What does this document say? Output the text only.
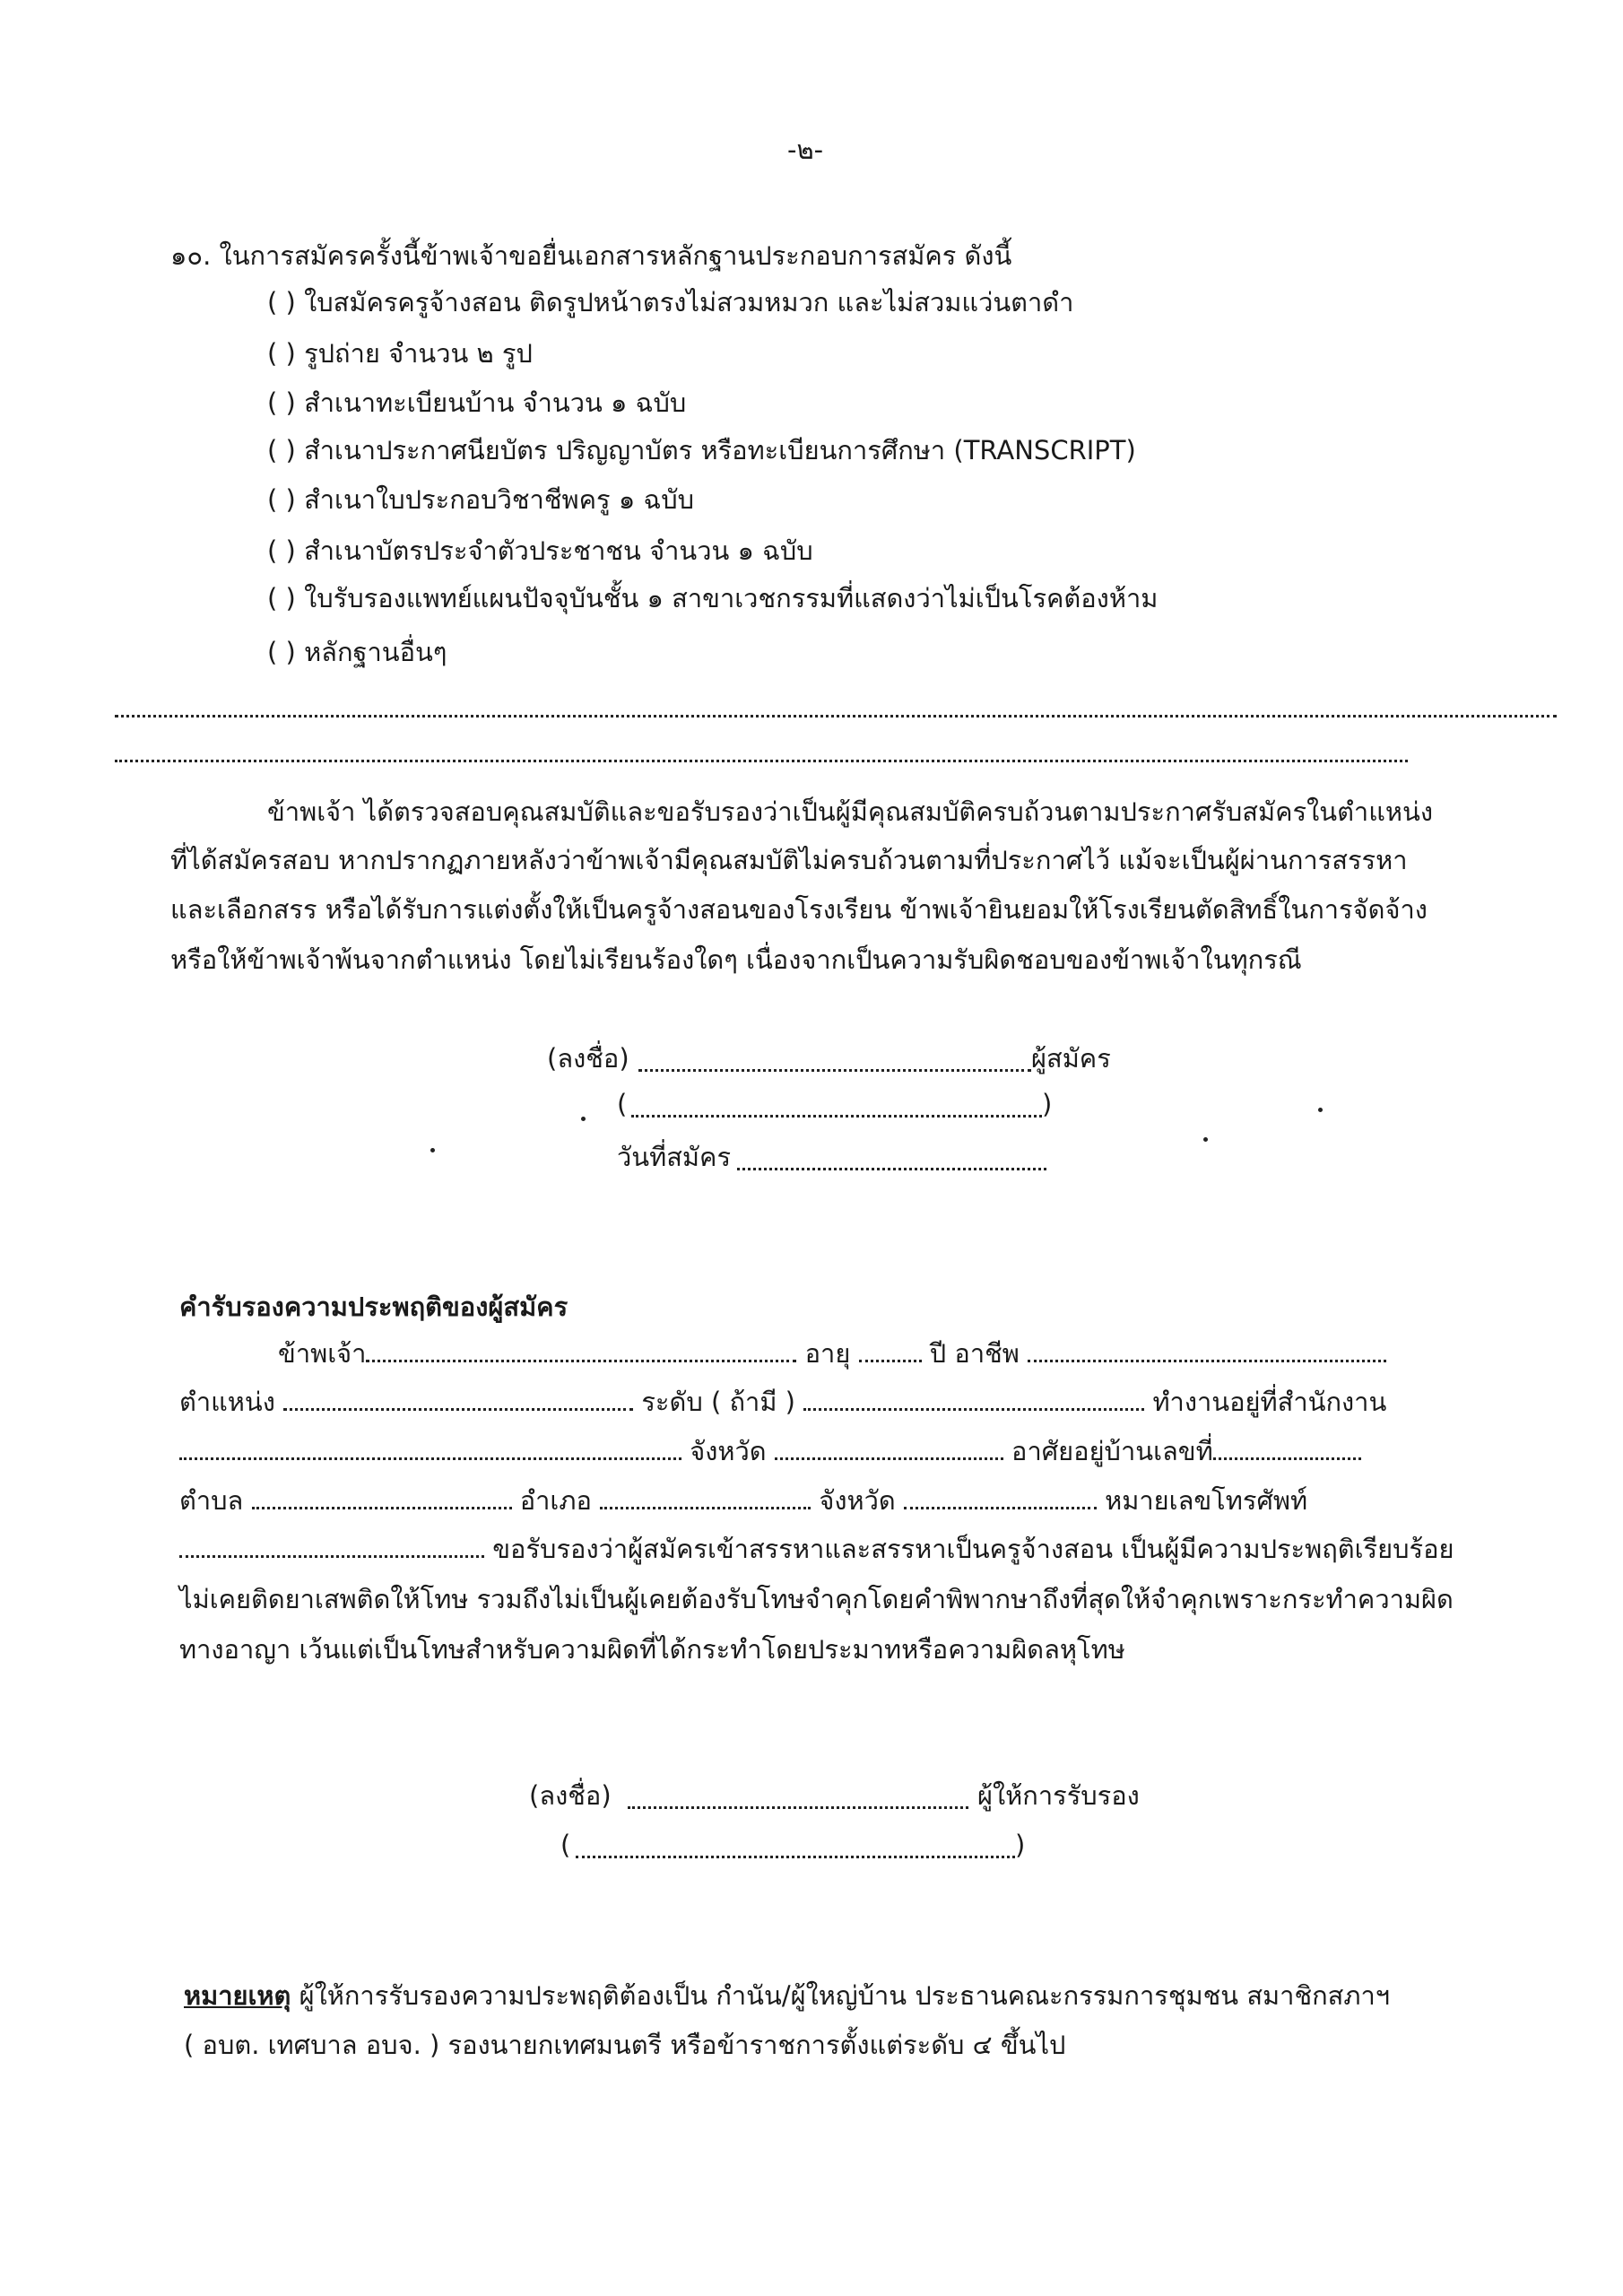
-๒-
๑๐. ในการสมัครครั้งนี้ข้าพเจ้าขอยื่นเอกสารหลักฐานประกอบการสมัคร ดังนี้
( ) ใบสมัครครูจ้างสอน ติดรูปหน้าตรงไม่สวมหมวก และไม่สวมแว่นตาดำ
( ) รูปถ่าย จำนวน ๒ รูป
( ) สำเนาทะเบียนบ้าน จำนวน ๑ ฉบับ
( ) สำเนาประกาศนียบัตร ปริญญาบัตร หรือทะเบียนการศึกษา (TRANSCRIPT)
( ) สำเนาใบประกอบวิชาชีพครู ๑ ฉบับ
( ) สำเนาบัตรประจำตัวประชาชน จำนวน ๑ ฉบับ
( ) ใบรับรองแพทย์แผนปัจจุบันชั้น ๑ สาขาเวชกรรมที่แสดงว่าไม่เป็นโรคต้องห้าม
( ) หลักฐานอื่นๆ
ข้าพเจ้า ได้ตรวจสอบคุณสมบัติและขอรับรองว่าเป็นผู้มีคุณสมบัติครบถ้วนตามประกาศรับสมัครในตำแหน่ง
ที่ได้สมัครสอบ หากปรากฏภายหลังว่าข้าพเจ้ามีคุณสมบัติไม่ครบถ้วนตามที่ประกาศไว้ แม้จะเป็นผู้ผ่านการสรรหา
และเลือกสรร หรือได้รับการแต่งตั้งให้เป็นครูจ้างสอนของโรงเรียน ข้าพเจ้ายินยอมให้โรงเรียนตัดสิทธิ์ในการจัดจ้าง
หรือให้ข้าพเจ้าพ้นจากตำแหน่ง โดยไม่เรียนร้องใดๆ เนื่องจากเป็นความรับผิดชอบของข้าพเจ้าในทุกรณี
(ลงชื่อ)	ผู้สมัคร
(	)
วันที่สมัคร
คำรับรองความประพฤติของผู้สมัคร
ข้าพเจ้า	อายุ	ปี อาชีพ
ตำแหน่ง	ระดับ ( ถ้ามี )	ทำงานอยู่ที่สำนักงาน
จังหวัด	อาศัยอยู่บ้านเลขที่
ตำบล	อำเภอ	จังหวัด	หมายเลขโทรศัพท์
ขอรับรองว่าผู้สมัครเข้าสรรหาและสรรหาเป็นครูจ้างสอน เป็นผู้มีความประพฤติเรียบร้อย
ไม่เคยติดยาเสพติดให้โทษ รวมถึงไม่เป็นผู้เคยต้องรับโทษจำคุกโดยคำพิพากษาถึงที่สุดให้จำคุกเพราะกระทำความผิด
ทางอาญา เว้นแต่เป็นโทษสำหรับความผิดที่ได้กระทำโดยประมาทหรือความผิดลหุโทษ
(ลงชื่อ)	ผู้ให้การรับรอง
(	)
หมายเหตุ ผู้ให้การรับรองความประพฤติต้องเป็น กำนัน/ผู้ใหญ่บ้าน ประธานคณะกรรมการชุมชน สมาชิกสภาฯ
( อบต. เทศบาล อบจ. ) รองนายกเทศมนตรี หรือข้าราชการตั้งแต่ระดับ ๔ ขึ้นไป
